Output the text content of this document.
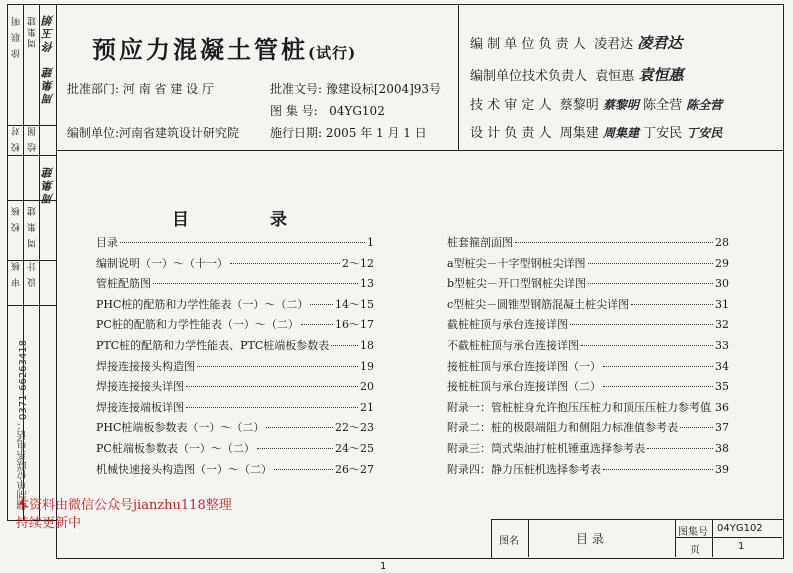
审 核 设 计
校 核 周 集 建
校 对 绘 图
徐 联 明 周集建 佟玉娟
周集建
周集建
编制单位联系电话：0371-66263418
预应力混凝土管桩(试行)
批准部门: 河 南 省 建 设 厅	批准文号: 豫建设标[2004]93号
图 集 号: 04YG102
编制单位:河南省建筑设计研究院	施行日期: 2005 年 1 月 1 日
编 制 单 位 负 责 人 凌君达 凌君达
编制单位技术负责人 袁恒惠 袁恒惠
技 术 审 定 人 蔡黎明 蔡黎明 陈全营 陈全营
设 计 负 责 人 周集建 周集建 丁安民 丁安民
目	录
目录	1
编制说明（一）～（十一）	2～12
管桩配筋图	13
PHC桩的配筋和力学性能表（一）～（二） 14～15
PC桩的配筋和力学性能表（一）～（二）	16～17
PTC桩的配筋和力学性能表、PTC桩端板参数表	18
焊接连接接头构造图	19
焊接连接接头详图	20
焊接连接端板详图	21
PHC桩端板参数表（一）～（二）	22～23
PC桩端板参数表（一）～（二）	24～25
机械快速接头构造图（一）～（二）	26～27
桩套箍剖面图	28
a型桩尖－十字型钢桩尖详图	29
b型桩尖－开口型钢桩尖详图	30
c型桩尖－圆锥型钢筋混凝土桩尖详图	31
截桩桩顶与承台连接详图	32
不截桩桩顶与承台连接详图	33
接桩桩顶与承台连接详图（一）	34
接桩桩顶与承台连接详图（二）	35
附录一：管桩桩身允许抱压压桩力和顶压压桩力参考值 36
附录二：桩的极限端阻力和侧阻力标准值参考表	37
附录三：筒式柴油打桩机锤重选择参考表	38
附录四：静力压桩机选择参考表	39
本资料由微信公众号jianzhu118整理
持续更新中
图名	目 录	图集号 04YG102
页	1
1
